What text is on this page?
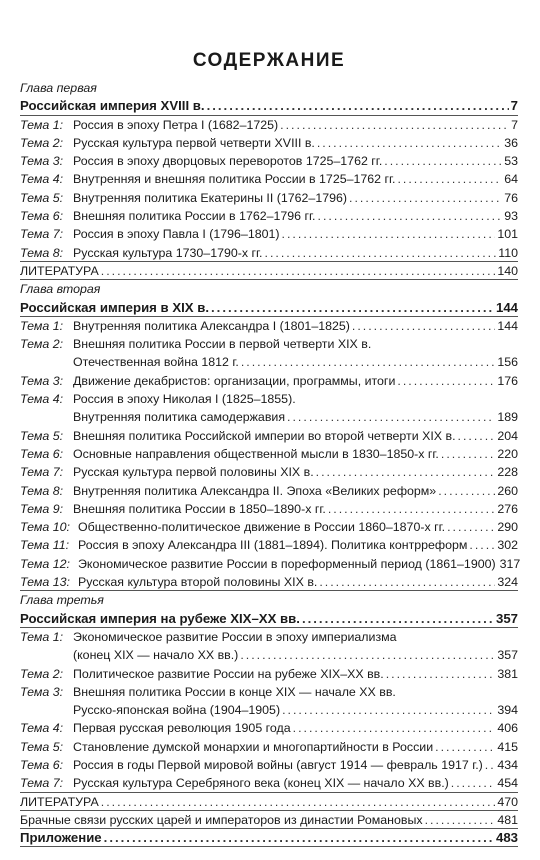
СОДЕРЖАНИЕ
Глава первая
Российская империя XVIII в. .....	7
Тема 1: Россия в эпоху Петра I (1682–1725) .....	7
Тема 2: Русская культура первой четверти XVIII в. .....	36
Тема 3: Россия в эпоху дворцовых переворотов 1725–1762 гг. .....	53
Тема 4: Внутренняя и внешняя политика России в 1725–1762 гг. .....	64
Тема 5: Внутренняя политика Екатерины II (1762–1796) .....	76
Тема 6: Внешняя политика России в 1762–1796 гг. .....	93
Тема 7: Россия в эпоху Павла I (1796–1801) .....	101
Тема 8: Русская культура 1730–1790-х гг. .....	110
ЛИТЕРАТУРА .....	140
Глава вторая
Российская империя в XIX в. .....	144
Тема 1: Внутренняя политика Александра I (1801–1825) .....	144
Тема 2: Внешняя политика России в первой четверти XIX в.
Отечественная война 1812 г. .....	156
Тема 3: Движение декабристов: организации, программы, итоги .....	176
Тема 4: Россия в эпоху Николая I (1825–1855).
Внутренняя политика самодержавия .....	189
Тема 5: Внешняя политика Российской империи во второй четверти XIX в. .....	204
Тема 6: Основные направления общественной мысли в 1830–1850-х гг. .....	220
Тема 7: Русская культура первой половины XIX в. .....	228
Тема 8: Внутренняя политика Александра II. Эпоха «Великих реформ» .....	260
Тема 9: Внешняя политика России в 1850–1890-х гг. .....	276
Тема 10: Общественно-политическое движение в России 1860–1870-х гг. .....	290
Тема 11: Россия в эпоху Александра III (1881–1894). Политика контрреформ ..... 302
Тема 12: Экономическое развитие России в пореформенный период (1861–1900) 317
Тема 13: Русская культура второй половины XIX в. .....	324
Глава третья
Российская империя на рубеже XIX–XX вв. .....	357
Тема 1: Экономическое развитие России в эпоху империализма
(конец XIX — начало XX вв.) .....	357
Тема 2: Политическое развитие России на рубеже XIX–XX вв. .....	381
Тема 3: Внешняя политика России в конце XIX — начале XX вв.
Русско-японская война (1904–1905) .....	394
Тема 4: Первая русская революция 1905 года .....	406
Тема 5: Становление думской монархии и многопартийности в России .....	415
Тема 6: Россия в годы Первой мировой войны (август 1914 — февраль 1917 г.) ..... 434
Тема 7: Русская культура Серебряного века (конец XIX — начало XX вв.) .....	454
ЛИТЕРАТУРА .....	470
Брачные связи русских царей и императоров из династии Романовых .....	481
Приложение .....	483
